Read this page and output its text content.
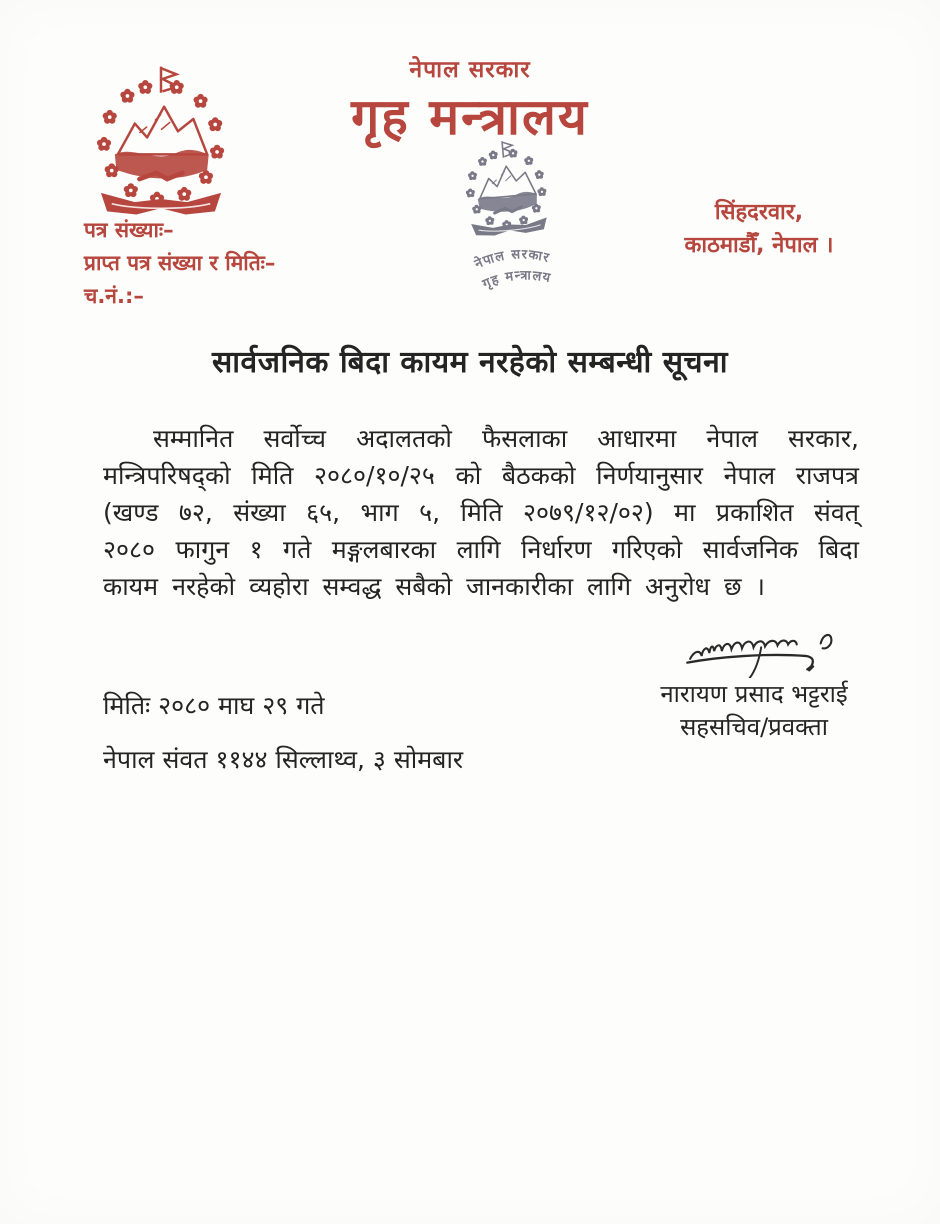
नेपाल सरकार
गृह मन्त्रालय
नेपाल सरकार
गृह मन्त्रालय
पत्र संख्याः–
प्राप्त पत्र संख्या र मितिः–
च.नं.:–
सिंहदरवार,
काठमाडौँ, नेपाल ।
सार्वजनिक बिदा कायम नरहेको सम्बन्धी सूचना

सम्मानित सर्वोच्च अदालतको फैसलाका आधारमा नेपाल सरकार, मन्त्रिपरिषद्को मिति २०८०/१०/२५ को बैठकको निर्णयानुसार नेपाल राजपत्र (खण्ड ७२, संख्या ६५, भाग ५, मिति २०७९/१२/०२) मा प्रकाशित संवत् २०८० फागुन १ गते मङ्गलबारका लागि निर्धारण गरिएको सार्वजनिक बिदा कायम नरहेको व्यहोरा सम्वद्ध सबैको जानकारीका लागि अनुरोध छ ।

नारायण प्रसाद भट्टराई
सहसचिव/प्रवक्ता
मितिः २०८० माघ २९ गते
नेपाल संवत ११४४ सिल्लाथ्व, ३ सोमबार
